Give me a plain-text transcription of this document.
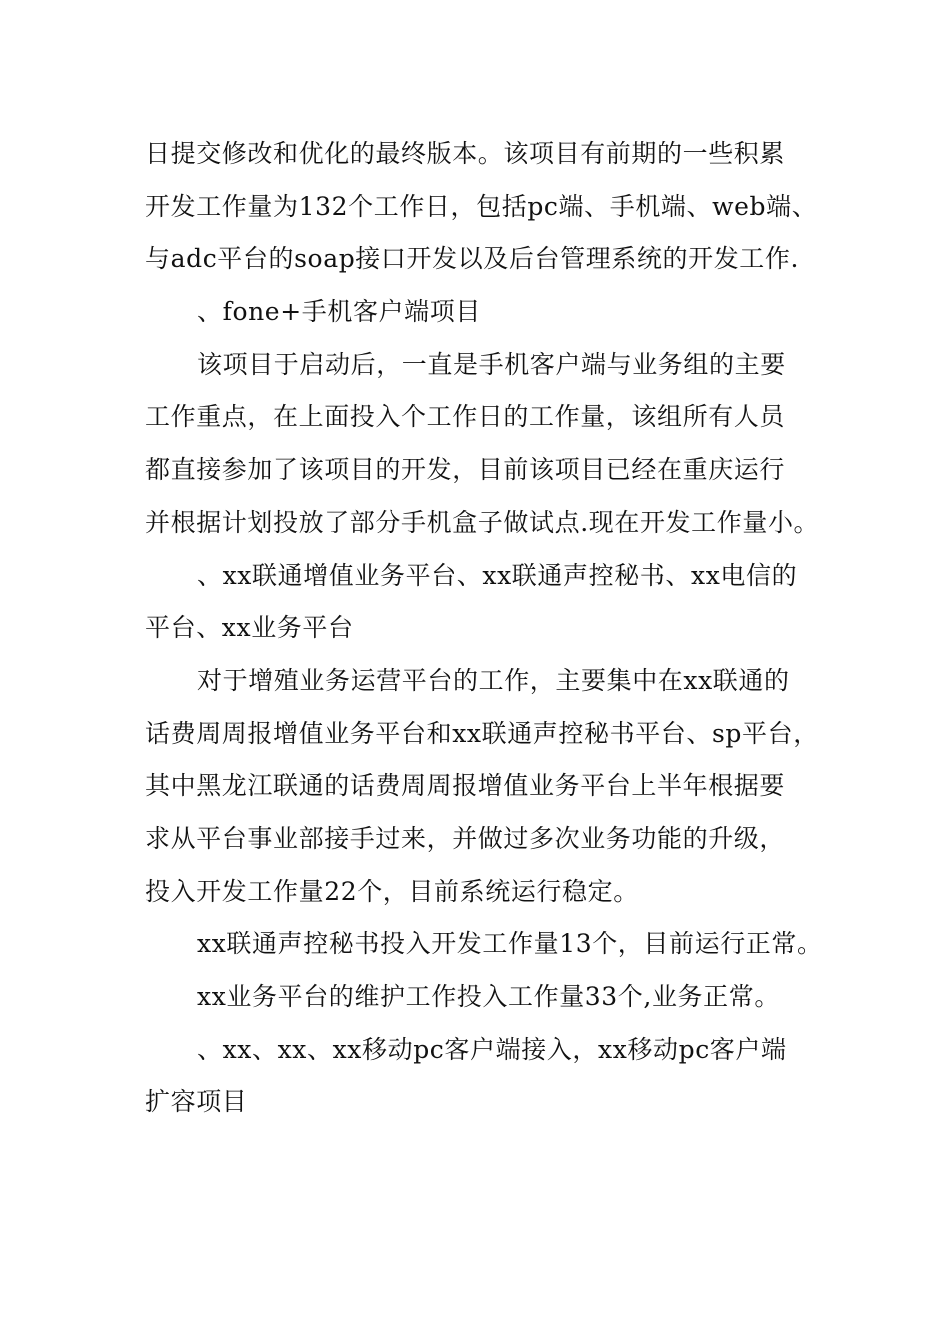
日提交修改和优化的最终版本。该项目有前期的一些积累
开发工作量为132个工作日，包括pc端、手机端、web端、
与adc平台的soap接口开发以及后台管理系统的开发工作.
、fone+手机客户端项目
该项目于启动后，一直是手机客户端与业务组的主要
工作重点，在上面投入个工作日的工作量，该组所有人员
都直接参加了该项目的开发，目前该项目已经在重庆运行
并根据计划投放了部分手机盒子做试点.现在开发工作量小。
、xx联通增值业务平台、xx联通声控秘书、xx电信的
平台、xx业务平台
对于增殖业务运营平台的工作，主要集中在xx联通的
话费周周报增值业务平台和xx联通声控秘书平台、sp平台，
其中黑龙江联通的话费周周报增值业务平台上半年根据要
求从平台事业部接手过来，并做过多次业务功能的升级，
投入开发工作量22个，目前系统运行稳定。
xx联通声控秘书投入开发工作量13个，目前运行正常。
xx业务平台的维护工作投入工作量33个,业务正常。
、xx、xx、xx移动pc客户端接入，xx移动pc客户端
扩容项目
